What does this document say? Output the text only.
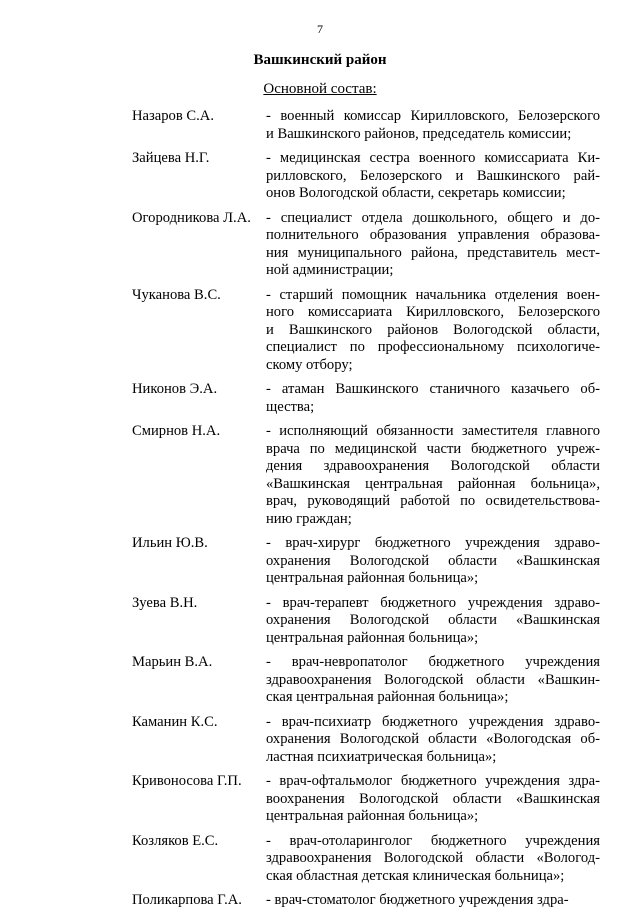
7
Вашкинский район
Основной состав:
Назаров С.А.	- военный комиссар Кирилловского, Белозерского
и Вашкинского районов, председатель комиссии;
Зайцева Н.Г.	- медицинская сестра военного комиссариата Ки-
рилловского, Белозерского и Вашкинского рай-
онов Вологодской области, секретарь комиссии;
Огородникова Л.А.	- специалист отдела дошкольного, общего и до-
полнительного образования управления образова-
ния муниципального района, представитель мест-
ной администрации;
Чуканова В.С.	- старший помощник начальника отделения воен-
ного комиссариата Кирилловского, Белозерского
и Вашкинского районов Вологодской области,
специалист по профессиональному психологиче-
скому отбору;
Никонов Э.А.	- атаман Вашкинского станичного казачьего об-
щества;
Смирнов Н.А.	- исполняющий обязанности заместителя главного
врача по медицинской части бюджетного учреж-
дения здравоохранения Вологодской области
«Вашкинская центральная районная больница»,
врач, руководящий работой по освидетельствова-
нию граждан;
Ильин Ю.В.	- врач-хирург бюджетного учреждения здраво-
охранения Вологодской области «Вашкинская
центральная районная больница»;
Зуева В.Н.	- врач-терапевт бюджетного учреждения здраво-
охранения Вологодской области «Вашкинская
центральная районная больница»;
Марьин В.А.	- врач-невропатолог бюджетного учреждения
здравоохранения Вологодской области «Вашкин-
ская центральная районная больница»;
Каманин К.С.	- врач-психиатр бюджетного учреждения здраво-
охранения Вологодской области «Вологодская об-
ластная психиатрическая больница»;
Кривоносова Г.П.	- врач-офтальмолог бюджетного учреждения здра-
воохранения Вологодской области «Вашкинская
центральная районная больница»;
Козляков Е.С.	- врач-отоларинголог бюджетного учреждения
здравоохранения Вологодской области «Вологод-
ская областная детская клиническая больница»;
Поликарпова Г.А.	- врач-стоматолог бюджетного учреждения здра-
